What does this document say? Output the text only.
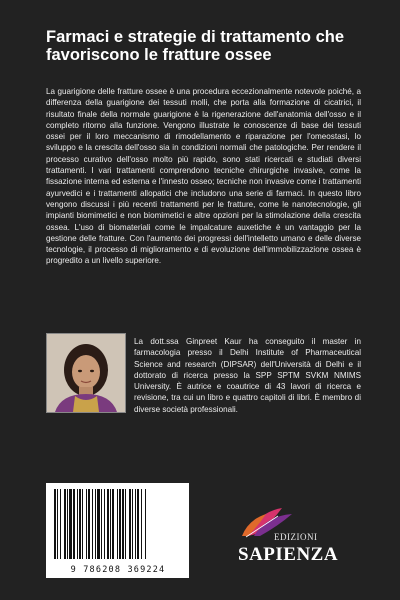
Farmaci e strategie di trattamento che favoriscono le fratture ossee

La guarigione delle fratture ossee è una procedura eccezionalmente notevole poiché, a differenza della guarigione dei tessuti molli, che porta alla formazione di cicatrici, il risultato finale della normale guarigione è la rigenerazione dell'anatomia dell'osso e il completo ritorno alla funzione. Vengono illustrate le conoscenze di base dei tessuti ossei per il loro meccanismo di rimodellamento e riparazione per l'omeostasi, lo sviluppo e la crescita dell'osso sia in condizioni normali che patologiche. Per rendere il processo curativo dell'osso molto più rapido, sono stati ricercati e studiati diversi trattamenti. I vari trattamenti comprendono tecniche chirurgiche invasive, come la fissazione interna ed esterna e l'innesto osseo; tecniche non invasive come i trattamenti ayurvedici e i trattamenti allopatici che includono una serie di farmaci. In questo libro vengono discussi i più recenti trattamenti per le fratture, come le nanotecnologie, gli impianti biomimetici e non biomimetici e altre opzioni per la stimolazione della crescita ossea. L'uso di biomateriali come le impalcature auxetiche è un vantaggio per la gestione delle fratture. Con l'aumento dei progressi dell'intelletto umano e delle diverse tecnologie, il processo di miglioramento e di evoluzione dell'immobilizzazione ossea è progredito a un livello superiore.

La dott.ssa Ginpreet Kaur ha conseguito il master in farmacologia presso il Delhi Institute of Pharmaceutical Science and research (DIPSAR) dell'Università di Delhi e il dottorato di ricerca presso la SPP SPTM SVKM NMIMS University. È autrice e coautrice di 43 lavori di ricerca e revisione, tra cui un libro e quattro capitoli di libri. È membro di diverse società professionali.

9 786208 369224
EDIZIONI
SAPIENZA
